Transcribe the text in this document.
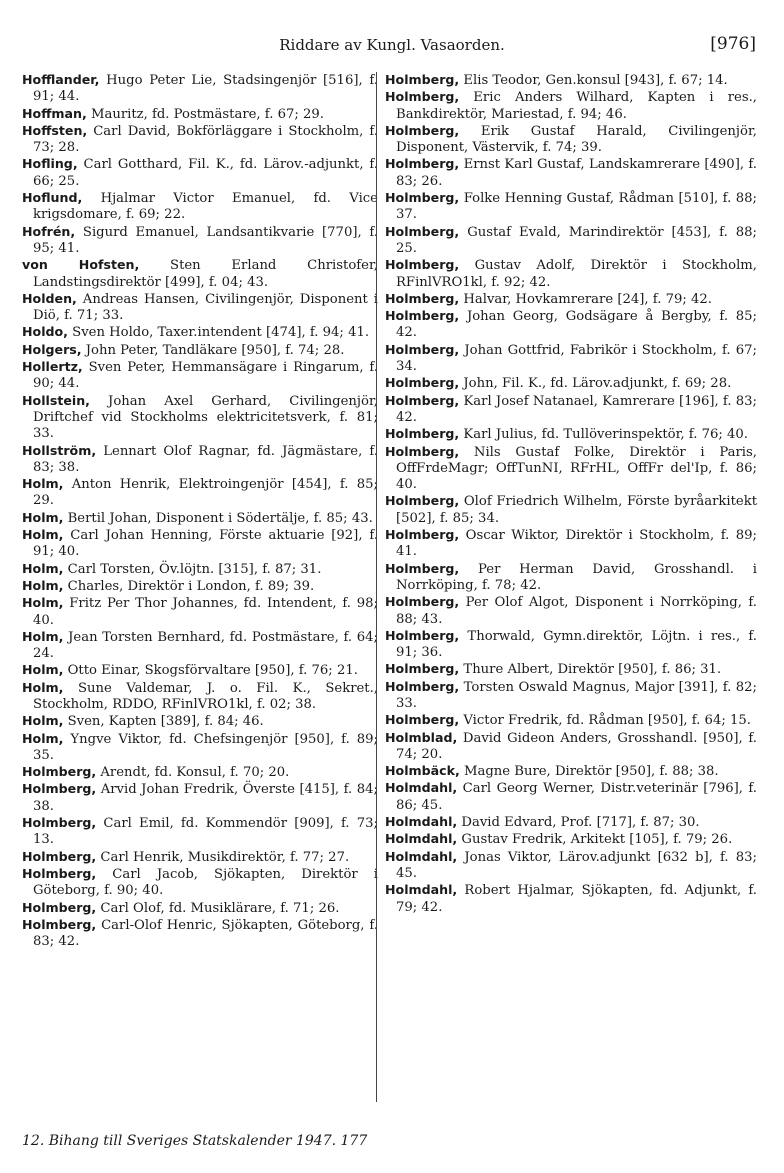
Riddare av Kungl. Vasaorden.	[976]
Hofflander, Hugo Peter Lie, Stadsingenjör [516], f. 91; 44.
Hoffman, Mauritz, fd. Postmästare, f. 67; 29.
Hoffsten, Carl David, Bokförläggare i Stockholm, f. 73; 28.
Hofling, Carl Gotthard, Fil. K., fd. Lärov.-adjunkt, f. 66; 25.
Hoflund, Hjalmar Victor Emanuel, fd. Vice krigsdomare, f. 69; 22.
Hofrén, Sigurd Emanuel, Landsantikvarie [770], f. 95; 41.
von Hofsten, Sten Erland Christofer, Landstingsdirektör [499], f. 04; 43.
Holden, Andreas Hansen, Civilingenjör, Disponent i Diö, f. 71; 33.
Holdo, Sven Holdo, Taxer.intendent [474], f. 94; 41.
Holgers, John Peter, Tandläkare [950], f. 74; 28.
Hollertz, Sven Peter, Hemmansägare i Ringarum, f. 90; 44.
Hollstein, Johan Axel Gerhard, Civilingenjör, Driftchef vid Stockholms elektricitetsverk, f. 81; 33.
Hollström, Lennart Olof Ragnar, fd. Jägmästare, f. 83; 38.
Holm, Anton Henrik, Elektroingenjör [454], f. 85; 29.
Holm, Bertil Johan, Disponent i Södertälje, f. 85; 43.
Holm, Carl Johan Henning, Förste aktuarie [92], f. 91; 40.
Holm, Carl Torsten, Öv.löjtn. [315], f. 87; 31.
Holm, Charles, Direktör i London, f. 89; 39.
Holm, Fritz Per Thor Johannes, fd. Intendent, f. 98; 40.
Holm, Jean Torsten Bernhard, fd. Postmästare, f. 64; 24.
Holm, Otto Einar, Skogsförvaltare [950], f. 76; 21.
Holm, Sune Valdemar, J. o. Fil. K., Sekret., Stockholm, RDDO, RFinlVRO1kl, f. 02; 38.
Holm, Sven, Kapten [389], f. 84; 46.
Holm, Yngve Viktor, fd. Chefsingenjör [950], f. 89; 35.
Holmberg, Arendt, fd. Konsul, f. 70; 20.
Holmberg, Arvid Johan Fredrik, Överste [415], f. 84; 38.
Holmberg, Carl Emil, fd. Kommendör [909], f. 73; 13.
Holmberg, Carl Henrik, Musikdirektör, f. 77; 27.
Holmberg, Carl Jacob, Sjökapten, Direktör i Göteborg, f. 90; 40.
Holmberg, Carl Olof, fd. Musiklärare, f. 71; 26.
Holmberg, Carl-Olof Henric, Sjökapten, Göteborg, f. 83; 42.
Holmberg, Elis Teodor, Gen.konsul [943], f. 67; 14.
Holmberg, Eric Anders Wilhard, Kapten i res., Bankdirektör, Mariestad, f. 94; 46.
Holmberg, Erik Gustaf Harald, Civilingenjör, Disponent, Västervik, f. 74; 39.
Holmberg, Ernst Karl Gustaf, Landskamrerare [490], f. 83; 26.
Holmberg, Folke Henning Gustaf, Rådman [510], f. 88; 37.
Holmberg, Gustaf Evald, Marindirektör [453], f. 88; 25.
Holmberg, Gustav Adolf, Direktör i Stockholm, RFinlVRO1kl, f. 92; 42.
Holmberg, Halvar, Hovkamrerare [24], f. 79; 42.
Holmberg, Johan Georg, Godsägare å Bergby, f. 85; 42.
Holmberg, Johan Gottfrid, Fabrikör i Stockholm, f. 67; 34.
Holmberg, John, Fil. K., fd. Lärov.adjunkt, f. 69; 28.
Holmberg, Karl Josef Natanael, Kamrerare [196], f. 83; 42.
Holmberg, Karl Julius, fd. Tullöverinspektör, f. 76; 40.
Holmberg, Nils Gustaf Folke, Direktör i Paris, OffFrdeMagr; OffTunNI, RFrHL, OffFr del'Ip, f. 86; 40.
Holmberg, Olof Friedrich Wilhelm, Förste byråarkitekt [502], f. 85; 34.
Holmberg, Oscar Wiktor, Direktör i Stockholm, f. 89; 41.
Holmberg, Per Herman David, Grosshandl. i Norrköping, f. 78; 42.
Holmberg, Per Olof Algot, Disponent i Norrköping, f. 88; 43.
Holmberg, Thorwald, Gymn.direktör, Löjtn. i res., f. 91; 36.
Holmberg, Thure Albert, Direktör [950], f. 86; 31.
Holmberg, Torsten Oswald Magnus, Major [391], f. 82; 33.
Holmberg, Victor Fredrik, fd. Rådman [950], f. 64; 15.
Holmblad, David Gideon Anders, Grosshandl. [950], f. 74; 20.
Holmbäck, Magne Bure, Direktör [950], f. 88; 38.
Holmdahl, Carl Georg Werner, Distr.veterinär [796], f. 86; 45.
Holmdahl, David Edvard, Prof. [717], f. 87; 30.
Holmdahl, Gustav Fredrik, Arkitekt [105], f. 79; 26.
Holmdahl, Jonas Viktor, Lärov.adjunkt [632 b], f. 83; 45.
Holmdahl, Robert Hjalmar, Sjökapten, fd. Adjunkt, f. 79; 42.
12. Bihang till Sveriges Statskalender 1947. 177
